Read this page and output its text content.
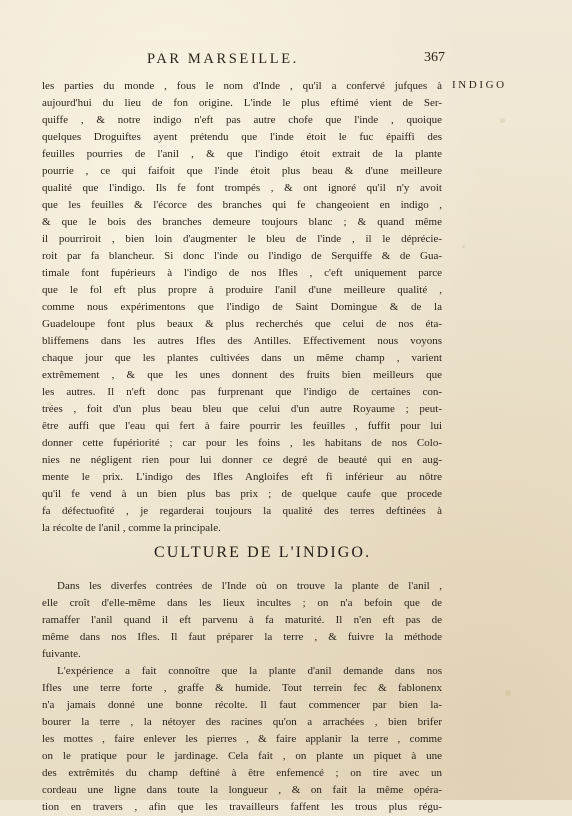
PAR MARSEILLE.	367
INDIGO
les parties du monde , fous le nom d'Inde , qu'il a confervé jufques à
aujourd'hui du lieu de fon origine. L'inde le plus eftimé vient de Ser-
quiffe , & notre indigo n'eft pas autre chofe que l'inde , quoique
quelques Droguiftes ayent prétendu que l'inde étoit le fuc épaiffi des
feuilles pourries de l'anil , & que l'indigo étoit extrait de la plante
pourrie , ce qui faifoit que l'inde étoit plus beau & d'une meilleure
qualité que l'indigo. Ils fe font trompés , & ont ignoré qu'il n'y avoit
que les feuilles & l'écorce des branches qui fe changeoient en indigo ,
& que le bois des branches demeure toujours blanc ; & quand même
il pourriroit , bien loin d'augmenter le bleu de l'inde , il le déprécie-
roit par fa blancheur. Si donc l'inde ou l'indigo de Serquiffe & de Gua-
timale font fupérieurs à l'indigo de nos Ifles , c'eft uniquement parce
que le fol eft plus propre à produire l'anil d'une meilleure qualité ,
comme nous expérimentons que l'indigo de Saint Domingue & de la
Guadeloupe font plus beaux & plus recherchés que celui de nos éta-
bliffemens dans les autres Ifles des Antilles. Effectivement nous voyons
chaque jour que les plantes cultivées dans un même champ , varient
extrêmement , & que les unes donnent des fruits bien meilleurs que
les autres. Il n'eft donc pas furprenant que l'indigo de certaines con-
trées , foit d'un plus beau bleu que celui d'un autre Royaume ; peut-
être auffi que l'eau qui fert à faire pourrir les feuilles , fuffit pour lui
donner cette fupériorité ; car pour les foins , les habitans de nos Colo-
nies ne négligent rien pour lui donner ce degré de beauté qui en aug-
mente le prix. L'indigo des Ifles Angloifes eft fi inférieur au nôtre
qu'il fe vend à un bien plus bas prix ; de quelque caufe que procede
fa défectuofité , je regarderai toujours la qualité des terres deftinées à
la récolte de l'anil , comme la principale.
CULTURE DE L'INDIGO.
Dans les diverfes contrées de l'Inde où on trouve la plante de l'anil ,
elle croît d'elle-même dans les lieux incultes ; on n'a befoin que de
ramaffer l'anil quand il eft parvenu à fa maturité. Il n'en eft pas de
même dans nos Ifles. Il faut préparer la terre , & fuivre la méthode
fuivante.
L'expérience a fait connoître que la plante d'anil demande dans nos
Ifles une terre forte , graffe & humide. Tout terrein fec & fablonenx
n'a jamais donné une bonne récolte. Il faut commencer par bien la-
bourer la terre , la nétoyer des racines qu'on a arrachées , bien brifer
les mottes , faire enlever les pierres , & faire applanir la terre , comme
on le pratique pour le jardinage. Cela fait , on plante un piquet à une
des extrêmités du champ deftiné à être enfemencé ; on tire avec un
cordeau une ligne dans toute la longueur , & on fait la même opéra-
tion en travers , afin que les travailleurs faffent les trous plus régu-
